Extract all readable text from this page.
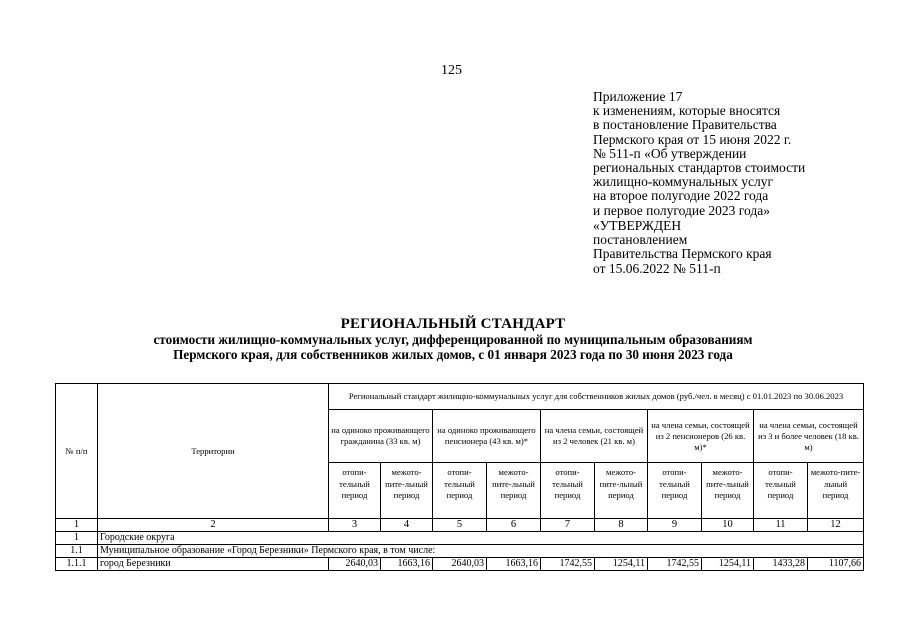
125
Приложение 17
к изменениям, которые вносятся
в постановление Правительства
Пермского края от 15 июня 2022 г.
№ 511-п «Об утверждении
региональных стандартов стоимости
жилищно-коммунальных услуг
на второе полугодие 2022 года
и первое полугодие 2023 года»
«УТВЕРЖДЕН
постановлением
Правительства Пермского края
от 15.06.2022 № 511-п
РЕГИОНАЛЬНЫЙ СТАНДАРТ
стоимости жилищно-коммунальных услуг, дифференцированной по муниципальным образованиям
Пермского края, для собственников жилых домов, с 01 января 2023 года по 30 июня 2023 года
№ п/п	Территории	Региональный стандарт жилищно-коммунальных услуг для собственников жилых домов (руб./чел. в месяц) с 01.01.2023 по 30.06.2023									
		на одиноко проживающего гражданина (33 кв. м)		на одиноко проживающего пенсионера (43 кв. м)*		на члена семьи, состоящей из 2 человек (21 кв. м)		на члена семьи, состоящей из 2 пенсионеров (26 кв. м)*		на члена семьи, состоящей из 3 и более человек (18 кв. м)	
		отопи-тельный период	межото-пите-льный период	отопи-тельный период	межото-пите-льный период	отопи-тельный период	межото-пите-льный период	отопи-тельный период	межото-пите-льный период	отопи-тельный период	межото-пите-льный период
1	2	3	4	5	6	7	8	9	10	11	12
1	Городские округа										
1.1	Муниципальное образование «Город Березники» Пермского края, в том числе:										
1.1.1	город Березники	2640,03	1663,16	2640,03	1663,16	1742,55	1254,11	1742,55	1254,11	1433,28	1107,66
